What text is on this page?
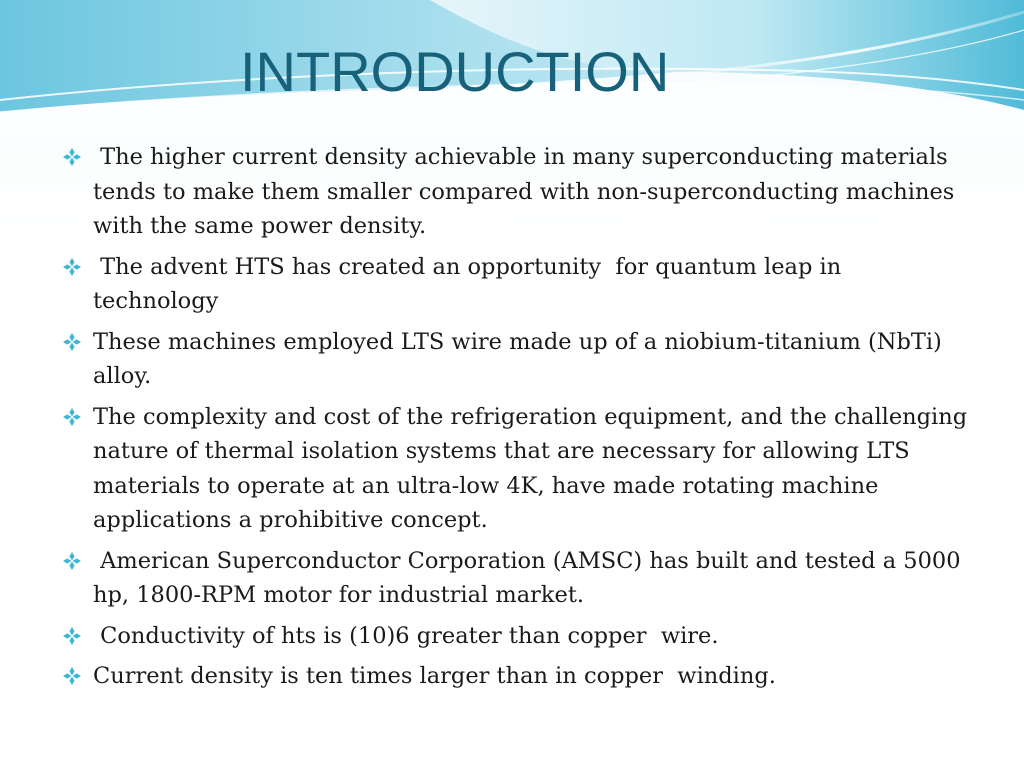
INTRODUCTION
The higher current density achievable in many superconducting materials tends to make them smaller compared with non-superconducting machines with the same power density.
The advent HTS has created an opportunity  for quantum leap in technology
These machines employed LTS wire made up of a niobium-titanium (NbTi) alloy.
The complexity and cost of the refrigeration equipment, and the challenging nature of thermal isolation systems that are necessary for allowing LTS materials to operate at an ultra-low 4K, have made rotating machine applications a prohibitive concept.
American Superconductor Corporation (AMSC) has built and tested a 5000 hp, 1800-RPM motor for industrial market.
Conductivity of hts is (10)6 greater than copper  wire.
Current density is ten times larger than in copper  winding.
